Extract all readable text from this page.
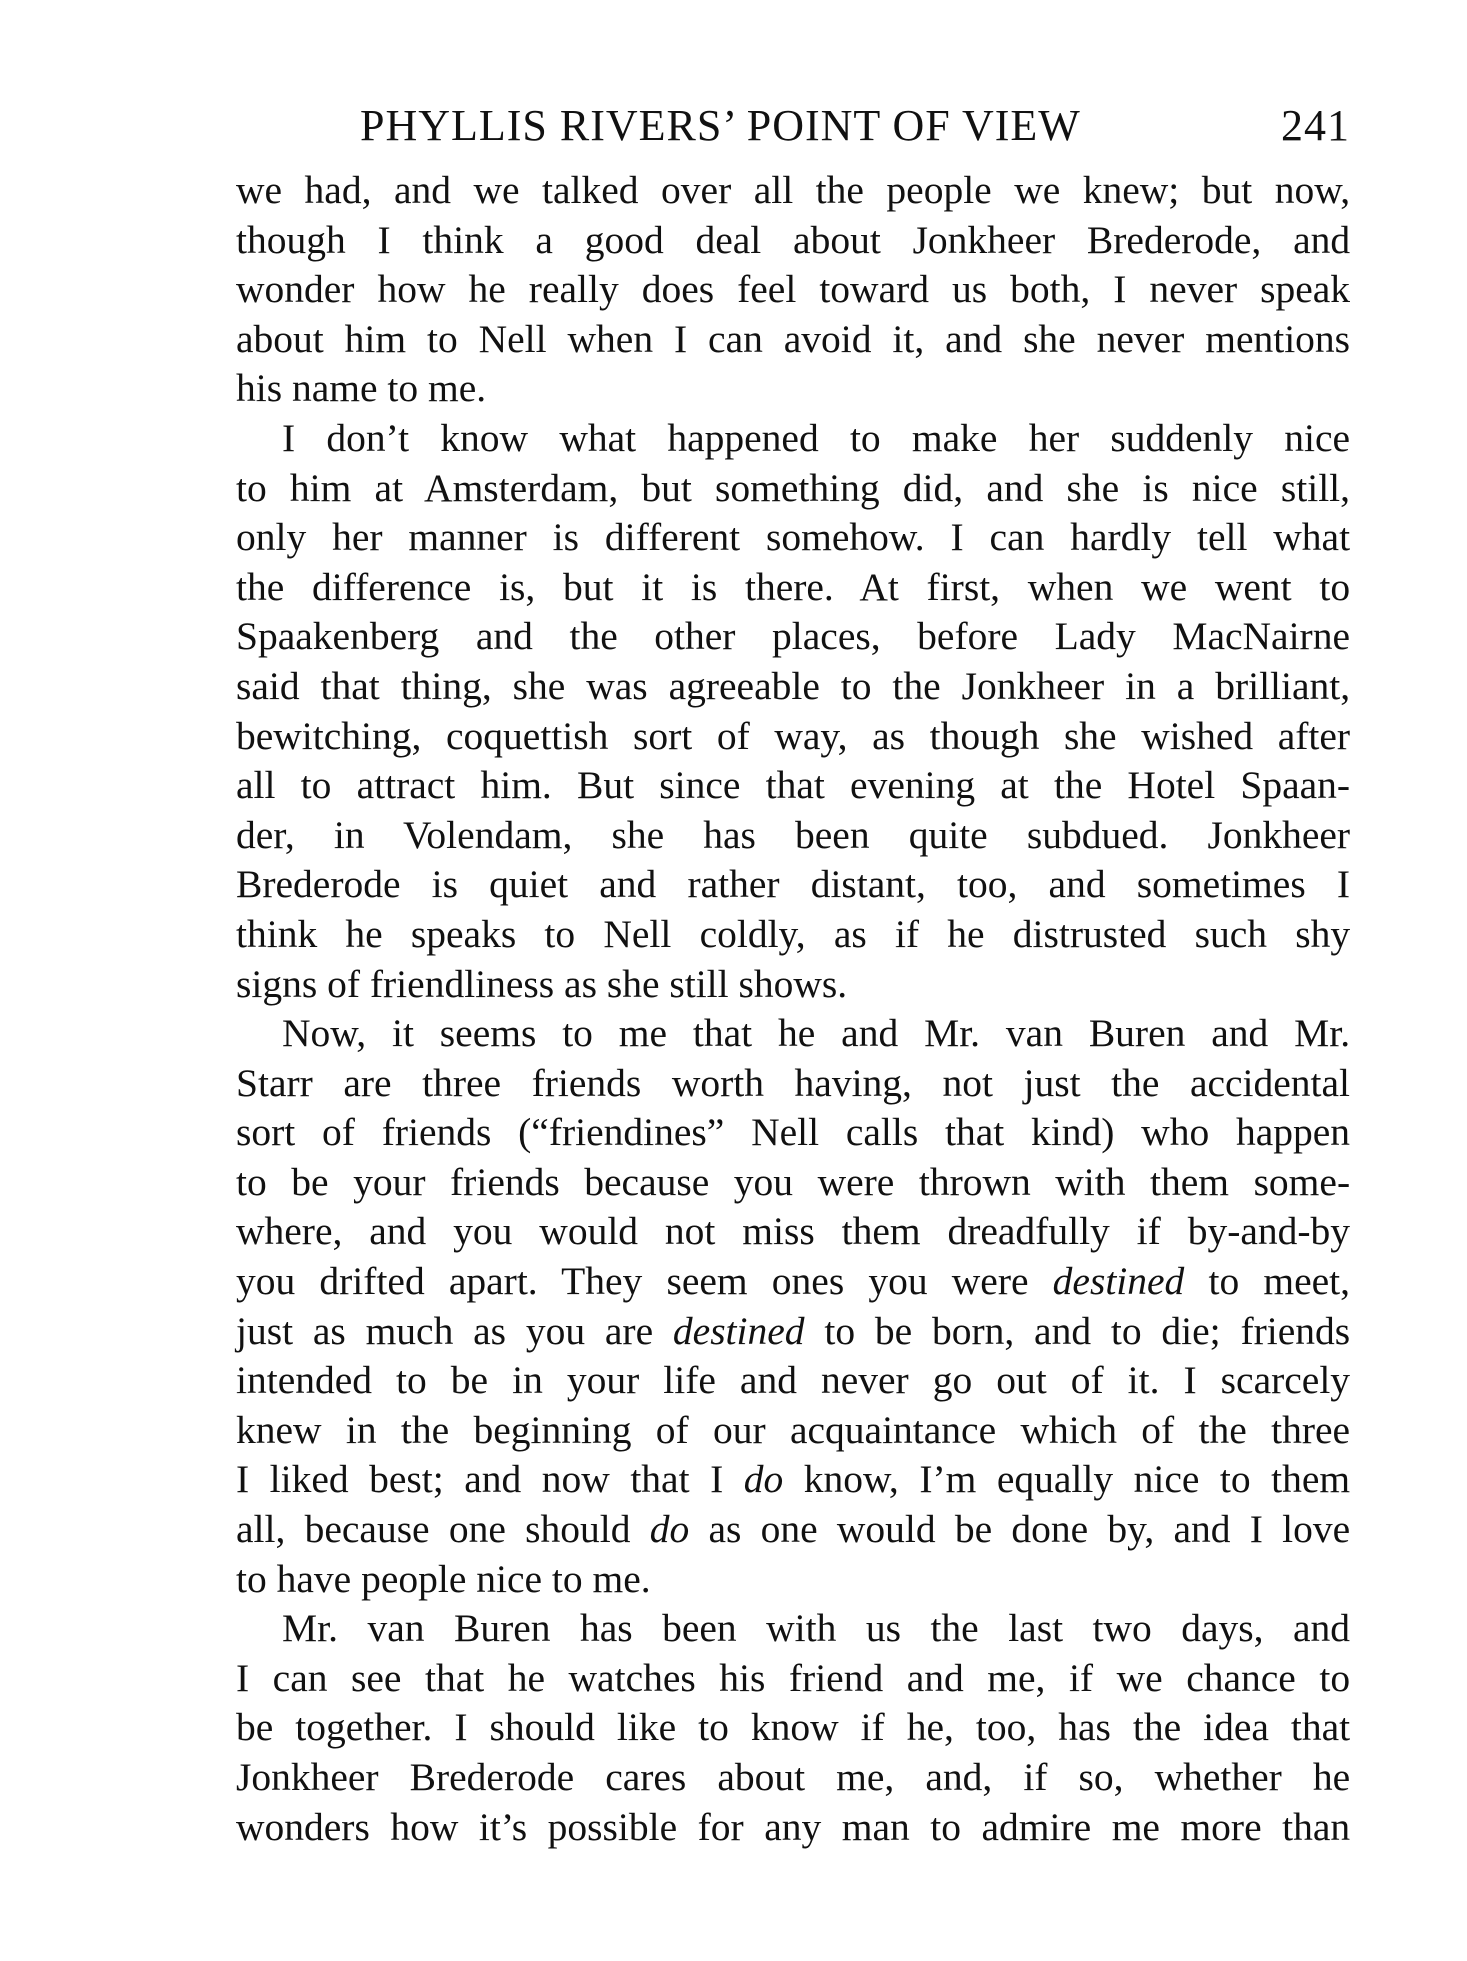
PHYLLIS RIVERS’ POINT OF VIEW	241
we had, and we talked over all the people we knew; but now,
though I think a good deal about Jonkheer Brederode, and
wonder how he really does feel toward us both, I never speak
about him to Nell when I can avoid it, and she never mentions
his name to me.
I don’t know what happened to make her suddenly nice
to him at Amsterdam, but something did, and she is nice still,
only her manner is different somehow. I can hardly tell what
the difference is, but it is there. At first, when we went to
Spaakenberg and the other places, before Lady MacNairne
said that thing, she was agreeable to the Jonkheer in a brilliant,
bewitching, coquettish sort of way, as though she wished after
all to attract him. But since that evening at the Hotel Spaan-
der, in Volendam, she has been quite subdued. Jonkheer
Brederode is quiet and rather distant, too, and sometimes I
think he speaks to Nell coldly, as if he distrusted such shy
signs of friendliness as she still shows.
Now, it seems to me that he and Mr. van Buren and Mr.
Starr are three friends worth having, not just the accidental
sort of friends (“friendines” Nell calls that kind) who happen
to be your friends because you were thrown with them some-
where, and you would not miss them dreadfully if by-and-by
you drifted apart. They seem ones you were destined to meet,
just as much as you are destined to be born, and to die; friends
intended to be in your life and never go out of it. I scarcely
knew in the beginning of our acquaintance which of the three
I liked best; and now that I do know, I’m equally nice to them
all, because one should do as one would be done by, and I love
to have people nice to me.
Mr. van Buren has been with us the last two days, and
I can see that he watches his friend and me, if we chance to
be together. I should like to know if he, too, has the idea that
Jonkheer Brederode cares about me, and, if so, whether he
wonders how it’s possible for any man to admire me more than
